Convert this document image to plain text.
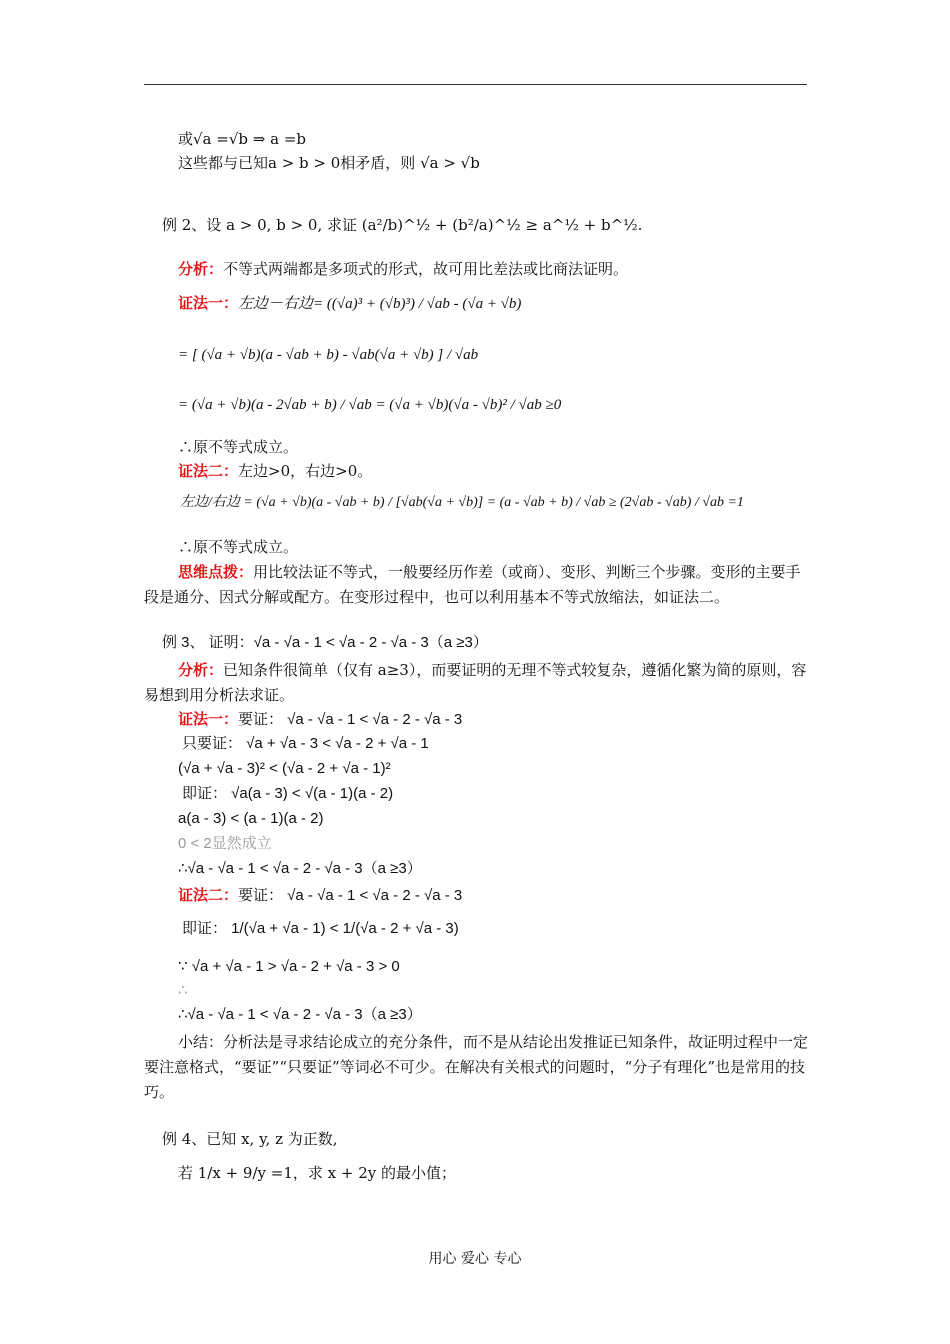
或√a =√b ⇒ a =b
这些都与已知a > b > 0相矛盾，则 √a > √b
例 2、设 a > 0, b > 0, 求证 (a²/b)^½ + (b²/a)^½ ≥ a^½ + b^½.
分析：不等式两端都是多项式的形式，故可用比差法或比商法证明。
证法一：左边－右边= ((√a)³ + (√b)³) / √ab - (√a + √b)
= [ (√a + √b)(a - √ab + b) - √ab(√a + √b) ] / √ab
= (√a + √b)(a - 2√ab + b) / √ab = (√a + √b)(√a - √b)² / √ab ≥0
∴原不等式成立。
证法二：左边>0，右边>0。
左边/右边 = (√a + √b)(a - √ab + b) / [√ab(√a + √b)] = (a - √ab + b) / √ab ≥ (2√ab - √ab) / √ab =1
∴原不等式成立。
思维点拨：用比较法证不等式，一般要经历作差（或商）、变形、判断三个步骤。变形的主要手段是通分、因式分解或配方。在变形过程中，也可以利用基本不等式放缩法，如证法二。
例 3、 证明：√a - √a - 1 < √a - 2 - √a - 3（a ≥3）
分析：已知条件很简单（仅有 a≥3），而要证明的无理不等式较复杂，遵循化繁为简的原则，容易想到用分析法求证。
证法一：要证： √a - √a - 1 < √a - 2 - √a - 3
只要证： √a + √a - 3 < √a - 2 + √a - 1
(√a + √a - 3)² < (√a - 2 + √a - 1)²
即证： √a(a - 3) < √(a - 1)(a - 2)
a(a - 3) < (a - 1)(a - 2)
0 < 2显然成立
∴√a - √a - 1 < √a - 2 - √a - 3（a ≥3）
证法二：要证： √a - √a - 1 < √a - 2 - √a - 3
即证： 1/(√a + √a - 1) < 1/(√a - 2 + √a - 3)
∵ √a + √a - 1 > √a - 2 + √a - 3 > 0
∴
∴√a - √a - 1 < √a - 2 - √a - 3（a ≥3）
小结：分析法是寻求结论成立的充分条件，而不是从结论出发推证已知条件，故证明过程中一定要注意格式，“要证”“只要证”等词必不可少。在解决有关根式的问题时，“分子有理化”也是常用的技巧。
例 4、已知 x, y, z 为正数,
若 1/x + 9/y =1，求 x + 2y 的最小值；
用心 爱心 专心
